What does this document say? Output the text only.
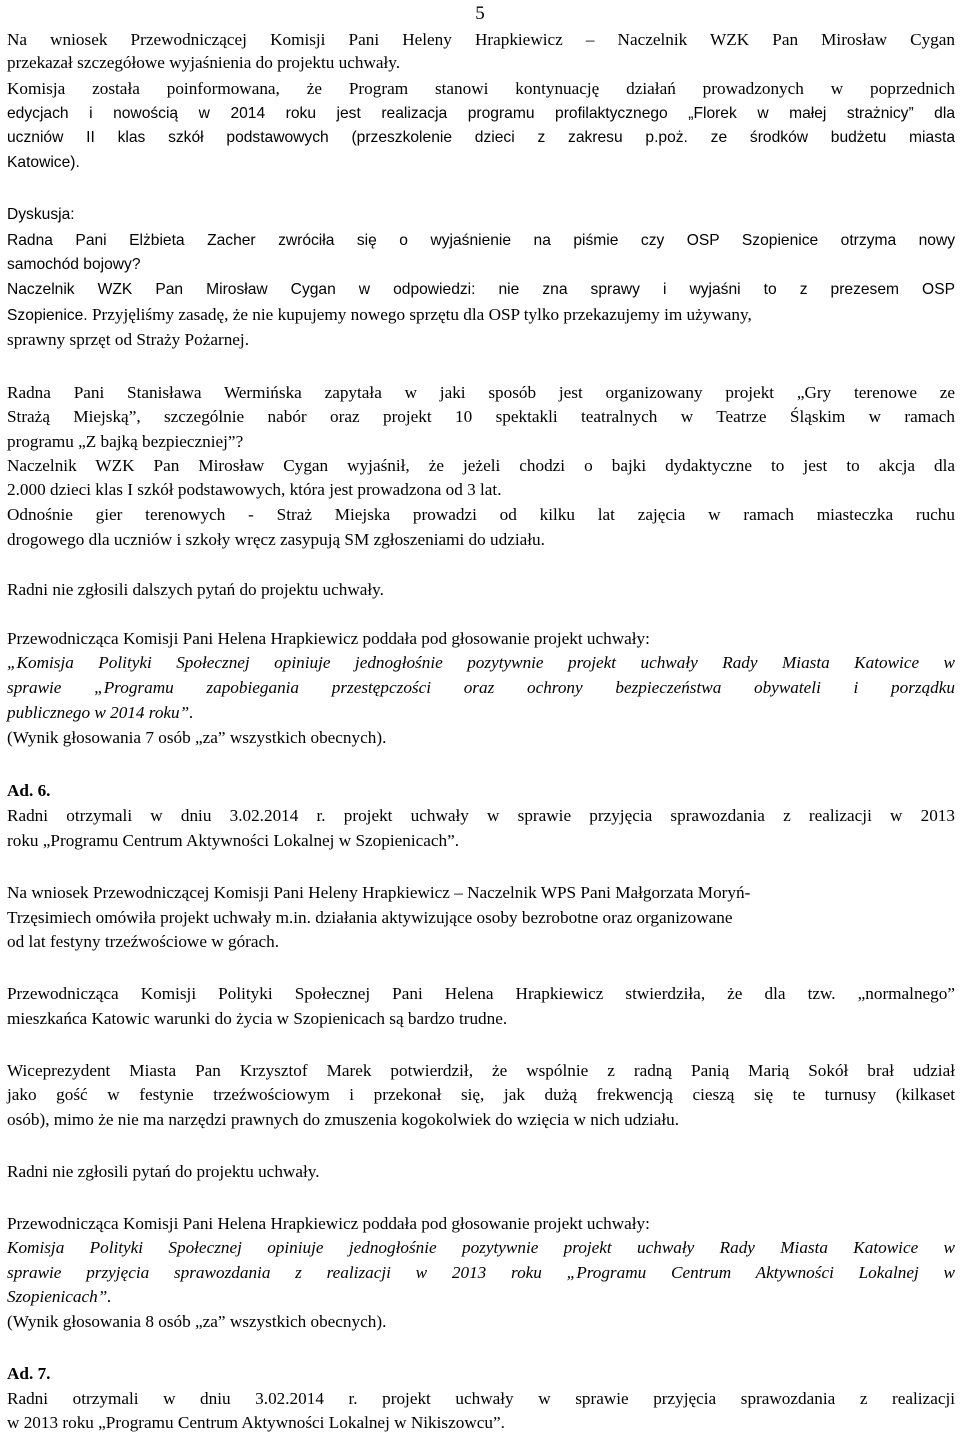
5
Na wniosek Przewodniczącej Komisji Pani Heleny Hrapkiewicz – Naczelnik WZK Pan Mirosław Cygan
przekazał szczegółowe wyjaśnienia do projektu uchwały.
Komisja została poinformowana, że Program stanowi kontynuację działań prowadzonych w poprzednich
edycjach i nowością w 2014 roku jest realizacja programu profilaktycznego „Florek w małej strażnicy” dla
uczniów II klas szkół podstawowych (przeszkolenie dzieci z zakresu p.poż. ze środków budżetu miasta
Katowice).
Dyskusja:
Radna Pani Elżbieta Zacher zwróciła się o wyjaśnienie na piśmie czy OSP Szopienice otrzyma nowy
samochód bojowy?
Naczelnik WZK Pan Mirosław Cygan w odpowiedzi: nie zna sprawy i wyjaśni to z prezesem OSP
Szopienice. Przyjęliśmy zasadę, że nie kupujemy nowego sprzętu dla OSP tylko przekazujemy im używany,
sprawny sprzęt od Straży Pożarnej.
Radna Pani Stanisława Wermińska zapytała w jaki sposób jest organizowany projekt „Gry terenowe ze
Strażą Miejską”, szczególnie nabór oraz projekt 10 spektakli teatralnych w Teatrze Śląskim w ramach
programu „Z bajką bezpieczniej”?
Naczelnik WZK Pan Mirosław Cygan wyjaśnił, że jeżeli chodzi o bajki dydaktyczne to jest to akcja dla
2.000 dzieci klas I szkół podstawowych, która jest prowadzona od 3 lat.
Odnośnie gier terenowych - Straż Miejska prowadzi od kilku lat zajęcia w ramach miasteczka ruchu
drogowego dla uczniów i szkoły wręcz zasypują SM zgłoszeniami do udziału.
Radni nie zgłosili dalszych pytań do projektu uchwały.
Przewodnicząca Komisji Pani Helena Hrapkiewicz poddała pod głosowanie projekt uchwały:
„Komisja Polityki Społecznej opiniuje jednogłośnie pozytywnie projekt uchwały Rady Miasta Katowice w
sprawie „Programu zapobiegania przestępczości oraz ochrony bezpieczeństwa obywateli i porządku
publicznego w 2014 roku”.
(Wynik głosowania 7 osób „za” wszystkich obecnych).
Ad. 6.
Radni otrzymali w dniu 3.02.2014 r. projekt uchwały w sprawie przyjęcia sprawozdania z realizacji w 2013
roku „Programu Centrum Aktywności Lokalnej w Szopienicach”.
Na wniosek Przewodniczącej Komisji Pani Heleny Hrapkiewicz – Naczelnik WPS Pani Małgorzata Moryń-
Trzęsimiech omówiła projekt uchwały m.in. działania aktywizujące osoby bezrobotne oraz organizowane
od lat festyny trzeźwościowe w górach.
Przewodnicząca Komisji Polityki Społecznej Pani Helena Hrapkiewicz stwierdziła, że dla tzw. „normalnego”
mieszkańca Katowic warunki do życia w Szopienicach są bardzo trudne.
Wiceprezydent Miasta Pan Krzysztof Marek potwierdził, że wspólnie z radną Panią Marią Sokół brał udział
jako gość w festynie trzeźwościowym i przekonał się, jak dużą frekwencją cieszą się te turnusy (kilkaset
osób), mimo że nie ma narzędzi prawnych do zmuszenia kogokolwiek do wzięcia w nich udziału.
Radni nie zgłosili pytań do projektu uchwały.
Przewodnicząca Komisji Pani Helena Hrapkiewicz poddała pod głosowanie projekt uchwały:
Komisja Polityki Społecznej opiniuje jednogłośnie pozytywnie projekt uchwały Rady Miasta Katowice w
sprawie przyjęcia sprawozdania z realizacji w 2013 roku „Programu Centrum Aktywności Lokalnej w
Szopienicach”.
(Wynik głosowania 8 osób „za” wszystkich obecnych).
Ad. 7.
Radni otrzymali w dniu 3.02.2014 r. projekt uchwały w sprawie przyjęcia sprawozdania z realizacji
w 2013 roku „Programu Centrum Aktywności Lokalnej w Nikiszowcu”.
